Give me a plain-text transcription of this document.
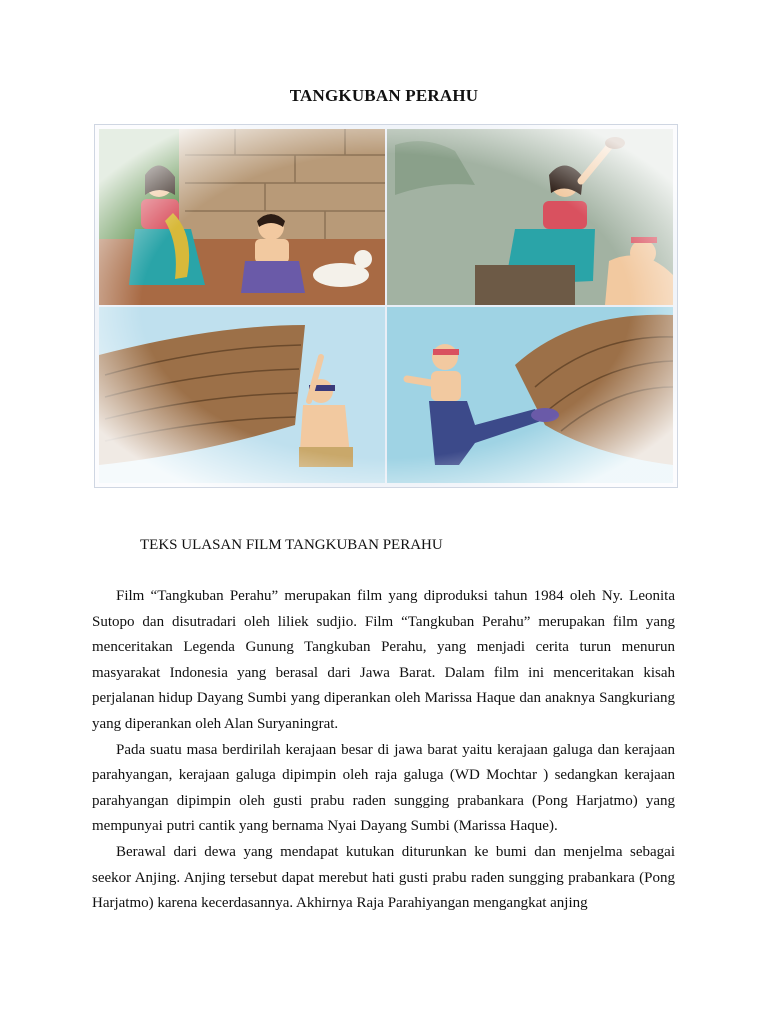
TANGKUBAN PERAHU
TEKS ULASAN FILM TANGKUBAN PERAHU

Film “Tangkuban Perahu” merupakan film yang diproduksi tahun 1984 oleh Ny. Leonita Sutopo dan disutradari oleh liliek sudjio. Film “Tangkuban Perahu” merupakan film yang menceritakan Legenda Gunung Tangkuban Perahu, yang menjadi cerita turun menurun masyarakat Indonesia yang berasal dari Jawa Barat. Dalam film ini menceritakan kisah perjalanan hidup Dayang Sumbi yang diperankan oleh Marissa Haque dan anaknya Sangkuriang yang diperankan oleh Alan Suryaningrat.

Pada suatu masa berdirilah kerajaan besar di jawa barat yaitu kerajaan galuga dan kerajaan parahyangan, kerajaan galuga dipimpin oleh raja galuga (WD Mochtar ) sedangkan kerajaan parahyangan dipimpin oleh gusti prabu raden sungging prabankara (Pong Harjatmo) yang mempunyai putri cantik yang bernama Nyai Dayang Sumbi (Marissa Haque).

Berawal dari dewa yang mendapat kutukan diturunkan ke bumi dan menjelma sebagai seekor Anjing. Anjing tersebut dapat merebut hati gusti prabu raden sungging prabankara (Pong Harjatmo) karena kecerdasannya. Akhirnya Raja Parahiyangan mengangkat anjing
